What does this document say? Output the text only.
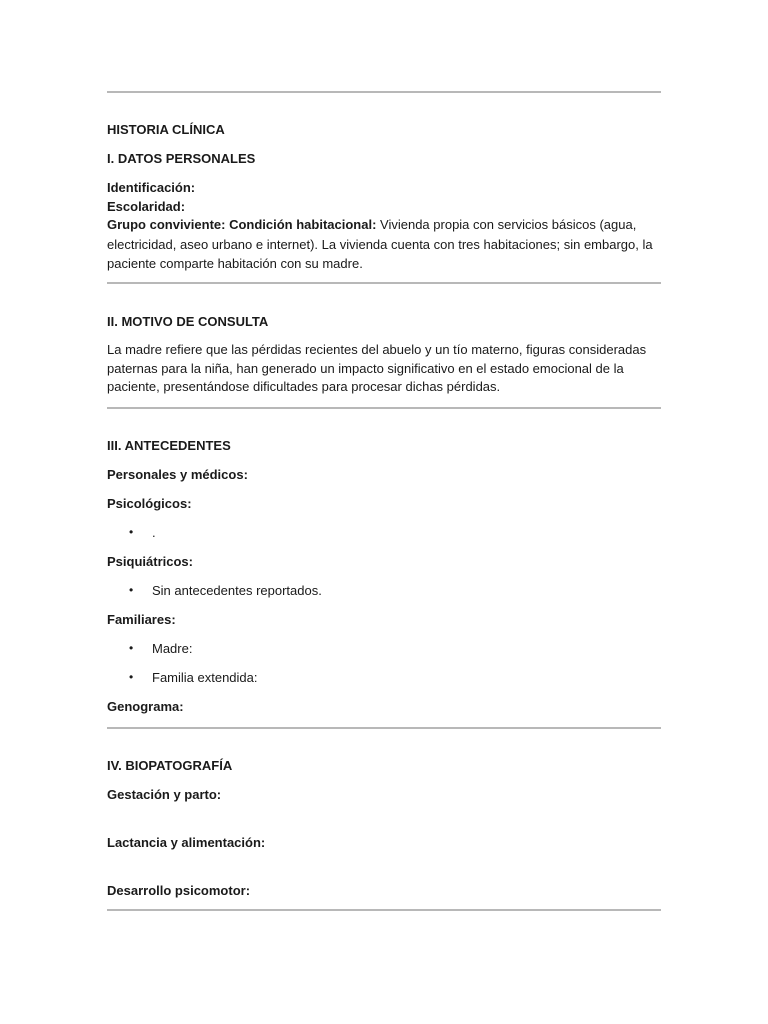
HISTORIA CLÍNICA

I. DATOS PERSONALES

Identificación:

Escolaridad:

Grupo conviviente: Condición habitacional: Vivienda propia con servicios básicos (agua, electricidad, aseo urbano e internet). La vivienda cuenta con tres habitaciones; sin embargo, la paciente comparte habitación con su madre.

II. MOTIVO DE CONSULTA

La madre refiere que las pérdidas recientes del abuelo y un tío materno, figuras consideradas paternas para la niña, han generado un impacto significativo en el estado emocional de la paciente, presentándose dificultades para procesar dichas pérdidas.

III. ANTECEDENTES

Personales y médicos:

Psicológicos:

• .

Psiquiátricos:

• Sin antecedentes reportados.

Familiares:

• Madre:
• Familia extendida:

Genograma:

IV. BIOPATOGRAFÍA

Gestación y parto:

Lactancia y alimentación:

Desarrollo psicomotor:
